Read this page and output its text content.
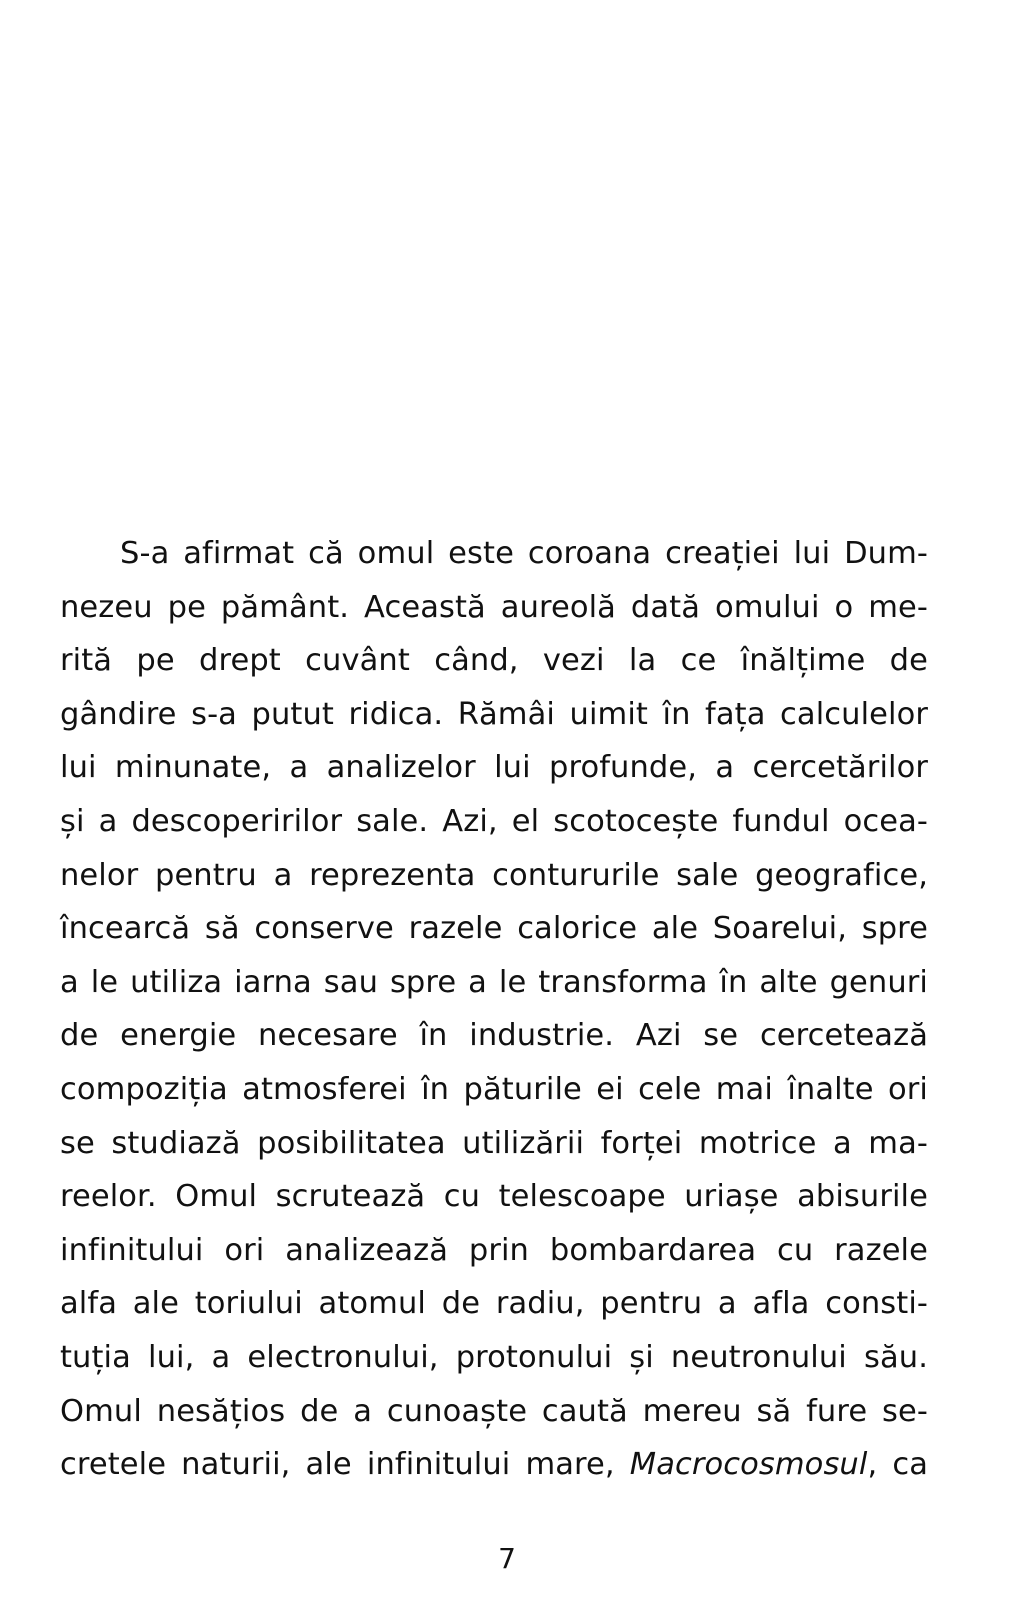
S-a afirmat că omul este coroana creației lui Dum-
nezeu pe pământ. Această aureolă dată omului o me-
rită pe drept cuvânt când, vezi la ce înălțime de
gândire s-a putut ridica. Rămâi uimit în fața calculelor
lui minunate, a analizelor lui profunde, a cercetărilor
și a descoperirilor sale. Azi, el scotocește fundul ocea-
nelor pentru a reprezenta contururile sale geografice,
încearcă să conserve razele calorice ale Soarelui, spre
a le utiliza iarna sau spre a le transforma în alte genuri
de energie necesare în industrie. Azi se cercetează
compoziția atmosferei în păturile ei cele mai înalte ori
se studiază posibilitatea utilizării forței motrice a ma-
reelor. Omul scrutează cu telescoape uriașe abisurile
infinitului ori analizează prin bombardarea cu razele
alfa ale toriului atomul de radiu, pentru a afla consti-
tuția lui, a electronului, protonului și neutronului său.
Omul nesățios de a cunoaște caută mereu să fure se-
cretele naturii, ale infinitului mare, Macrocosmosul, ca
7
